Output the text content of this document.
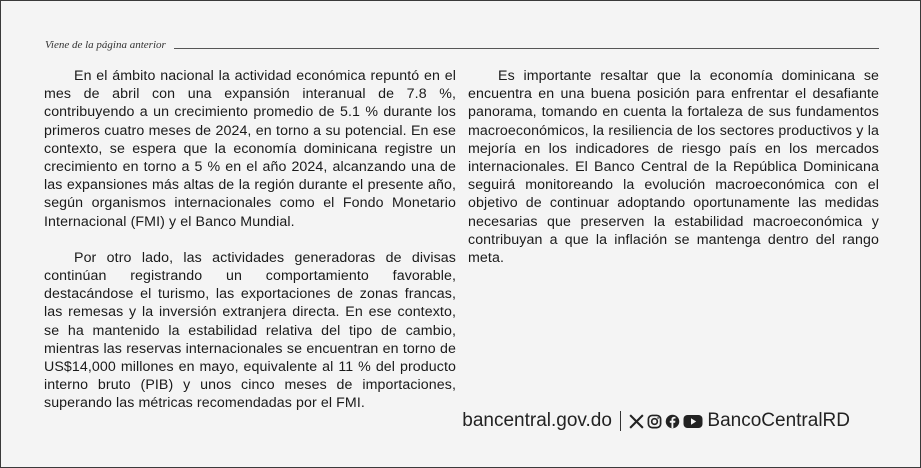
Viene de la página anterior

En el ámbito nacional la actividad económica repuntó en el mes de abril con una expansión interanual de 7.8 %, contribuyendo a un crecimiento promedio de 5.1 % durante los primeros cuatro meses de 2024, en torno a su potencial. En ese contexto, se espera que la economía dominicana registre un crecimiento en torno a 5 % en el año 2024, alcanzando una de las expansiones más altas de la región durante el presente año, según organismos internacionales como el Fondo Monetario Internacional (FMI) y el Banco Mundial.

Por otro lado, las actividades generadoras de divisas continúan registrando un comportamiento favorable, destacándose el turismo, las exportaciones de zonas francas, las remesas y la inversión extranjera directa. En ese contexto, se ha mantenido la estabilidad relativa del tipo de cambio, mientras las reservas internacionales se encuentran en torno de US$14,000 millones en mayo, equivalente al 11 % del producto interno bruto (PIB) y unos cinco meses de importaciones, superando las métricas recomendadas por el FMI.

Es importante resaltar que la economía dominicana se encuentra en una buena posición para enfrentar el desafiante panorama, tomando en cuenta la fortaleza de sus fundamentos macroeconómicos, la resiliencia de los sectores productivos y la mejoría en los indicadores de riesgo país en los mercados internacionales. El Banco Central de la República Dominicana seguirá monitoreando la evolución macroeconómica con el objetivo de continuar adoptando oportunamente las medidas necesarias que preserven la estabilidad macroeconómica y contribuyan a que la inflación se mantenga dentro del rango meta.

bancentral.gov.do	BancoCentralRD
